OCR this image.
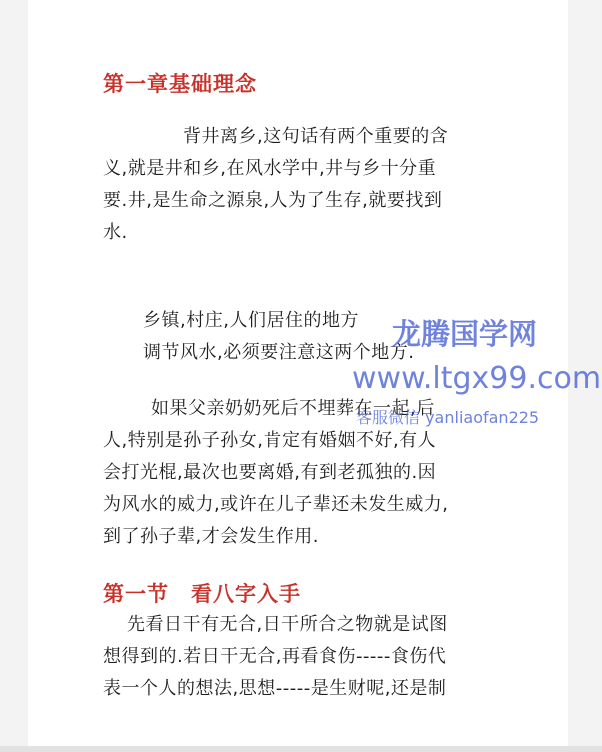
第一章基础理念
背井离乡,这句话有两个重要的含
义,就是井和乡,在风水学中,井与乡十分重
要.井,是生命之源泉,人为了生存,就要找到
水.
乡镇,村庄,人们居住的地方
调节风水,必须要注意这两个地方.
如果父亲奶奶死后不埋葬在一起,后
人,特别是孙子孙女,肯定有婚姻不好,有人
会打光棍,最次也要离婚,有到老孤独的.因
为风水的威力,或许在儿子辈还未发生威力,
到了孙子辈,才会发生作用.
第一节　看八字入手
先看日干有无合,日干所合之物就是试图
想得到的.若日干无合,再看食伤-----食伤代
表一个人的想法,思想-----是生财呢,还是制
龙腾国学网
www.ltgx99.com
客服微信 yanliaofan225
